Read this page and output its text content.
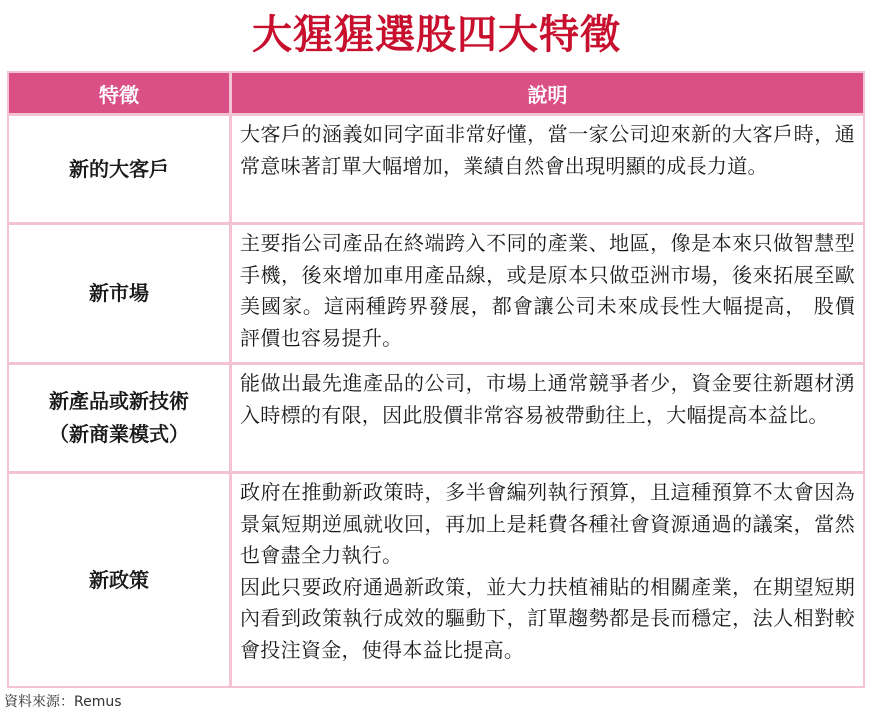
大猩猩選股四大特徵
特徵	說明
新的大客戶

大客戶的涵義如同字面非常好懂，當一家公司迎來新的大客戶時，通常意味著訂單大幅增加，業績自然會出現明顯的成長力道。

新市場

主要指公司產品在終端跨入不同的產業、地區，像是本來只做智慧型手機，後來增加車用產品線，或是原本只做亞洲市場，後來拓展至歐美國家。這兩種跨界發展，都會讓公司未來成長性大幅提高， 股價評價也容易提升。

新產品或新技術
（新商業模式）

能做出最先進產品的公司，市場上通常競爭者少，資金要往新題材湧入時標的有限，因此股價非常容易被帶動往上，大幅提高本益比。

新政策

政府在推動新政策時，多半會編列執行預算，且這種預算不太會因為景氣短期逆風就收回，再加上是耗費各種社會資源通過的議案，當然也會盡全力執行。

因此只要政府通過新政策，並大力扶植補貼的相關產業，在期望短期內看到政策執行成效的驅動下，訂單趨勢都是長而穩定，法人相對較會投注資金，使得本益比提高。

資料來源：Remus
